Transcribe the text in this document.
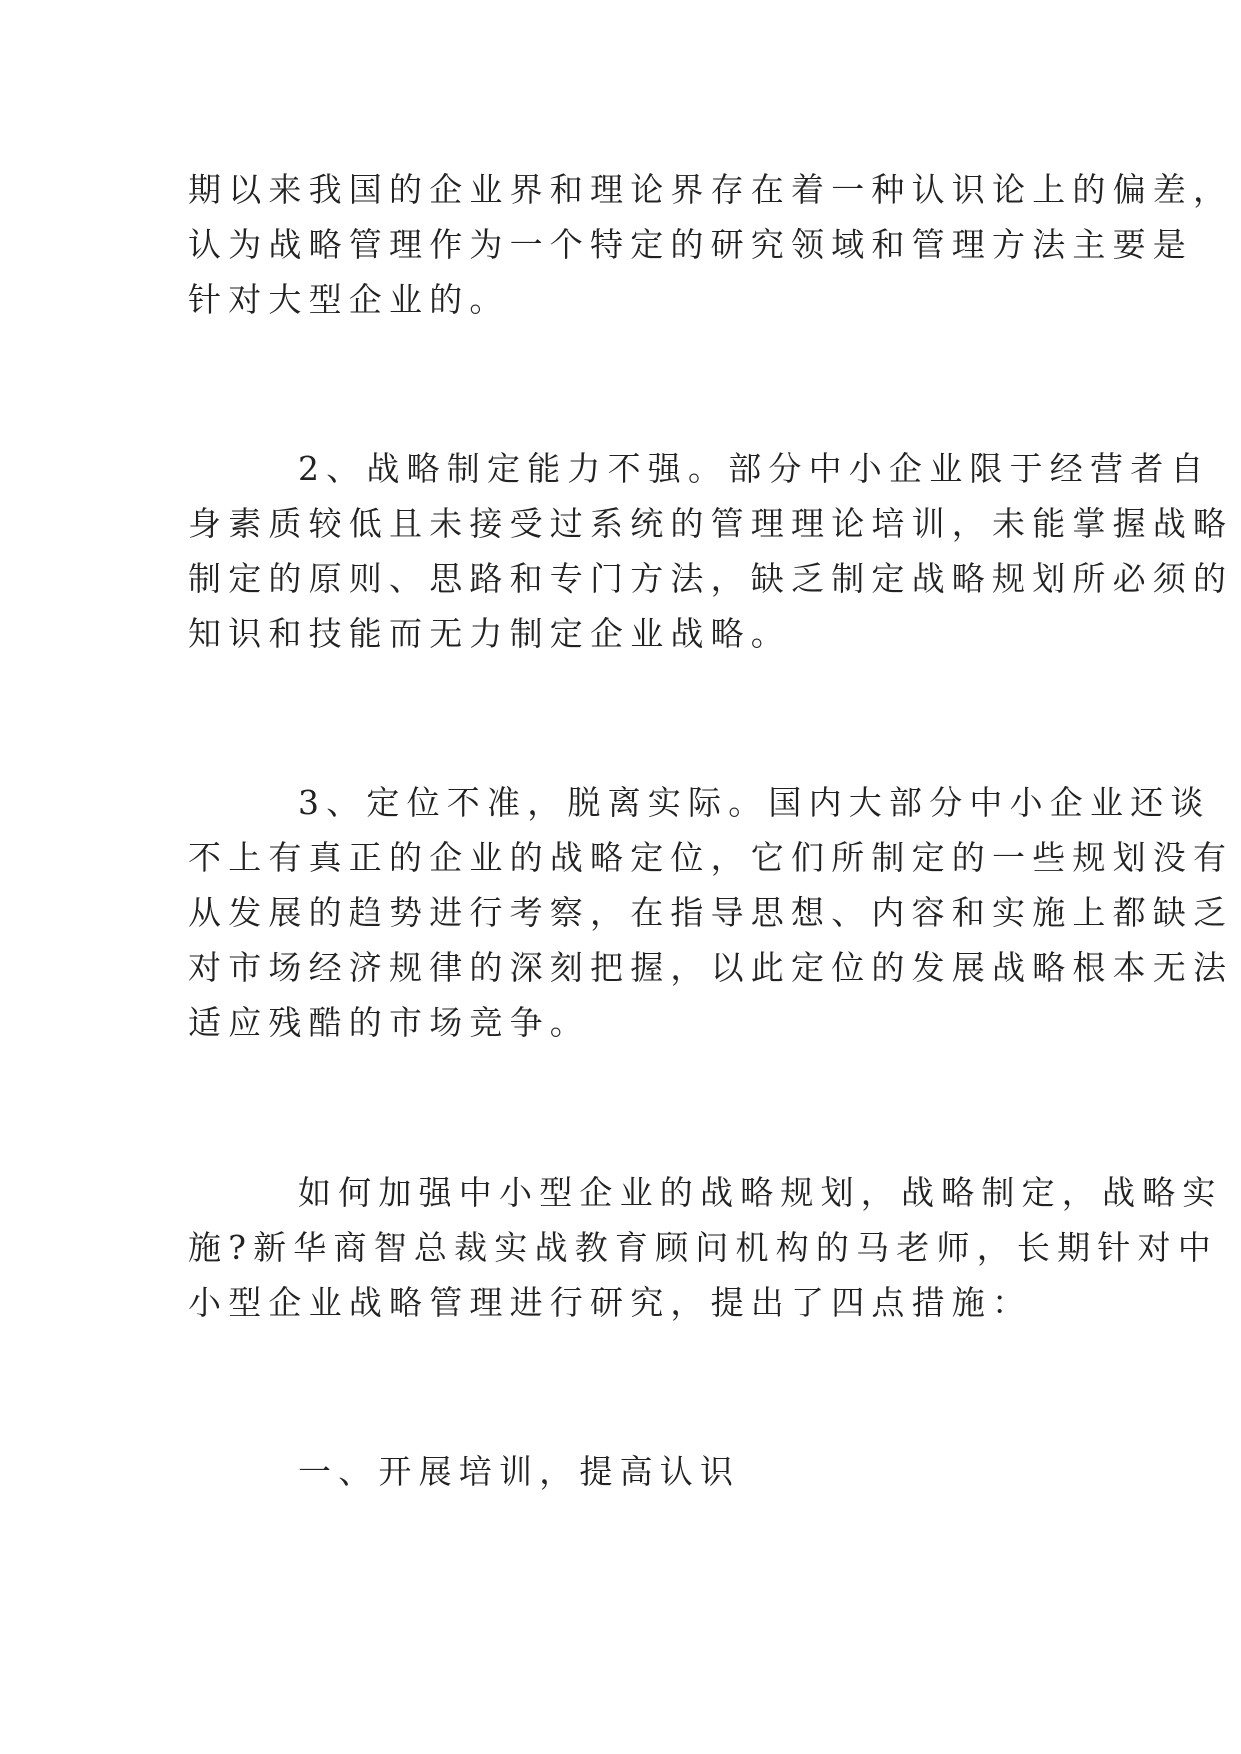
期以来我国的企业界和理论界存在着一种认识论上的偏差，
认为战略管理作为一个特定的研究领域和管理方法主要是
针对大型企业的。
2、战略制定能力不强。部分中小企业限于经营者自
身素质较低且未接受过系统的管理理论培训，未能掌握战略
制定的原则、思路和专门方法，缺乏制定战略规划所必须的
知识和技能而无力制定企业战略。
3、定位不准，脱离实际。国内大部分中小企业还谈
不上有真正的企业的战略定位，它们所制定的一些规划没有
从发展的趋势进行考察，在指导思想、内容和实施上都缺乏
对市场经济规律的深刻把握，以此定位的发展战略根本无法
适应残酷的市场竞争。
如何加强中小型企业的战略规划，战略制定，战略实
施?新华商智总裁实战教育顾问机构的马老师，长期针对中
小型企业战略管理进行研究，提出了四点措施：
一、开展培训，提高认识
